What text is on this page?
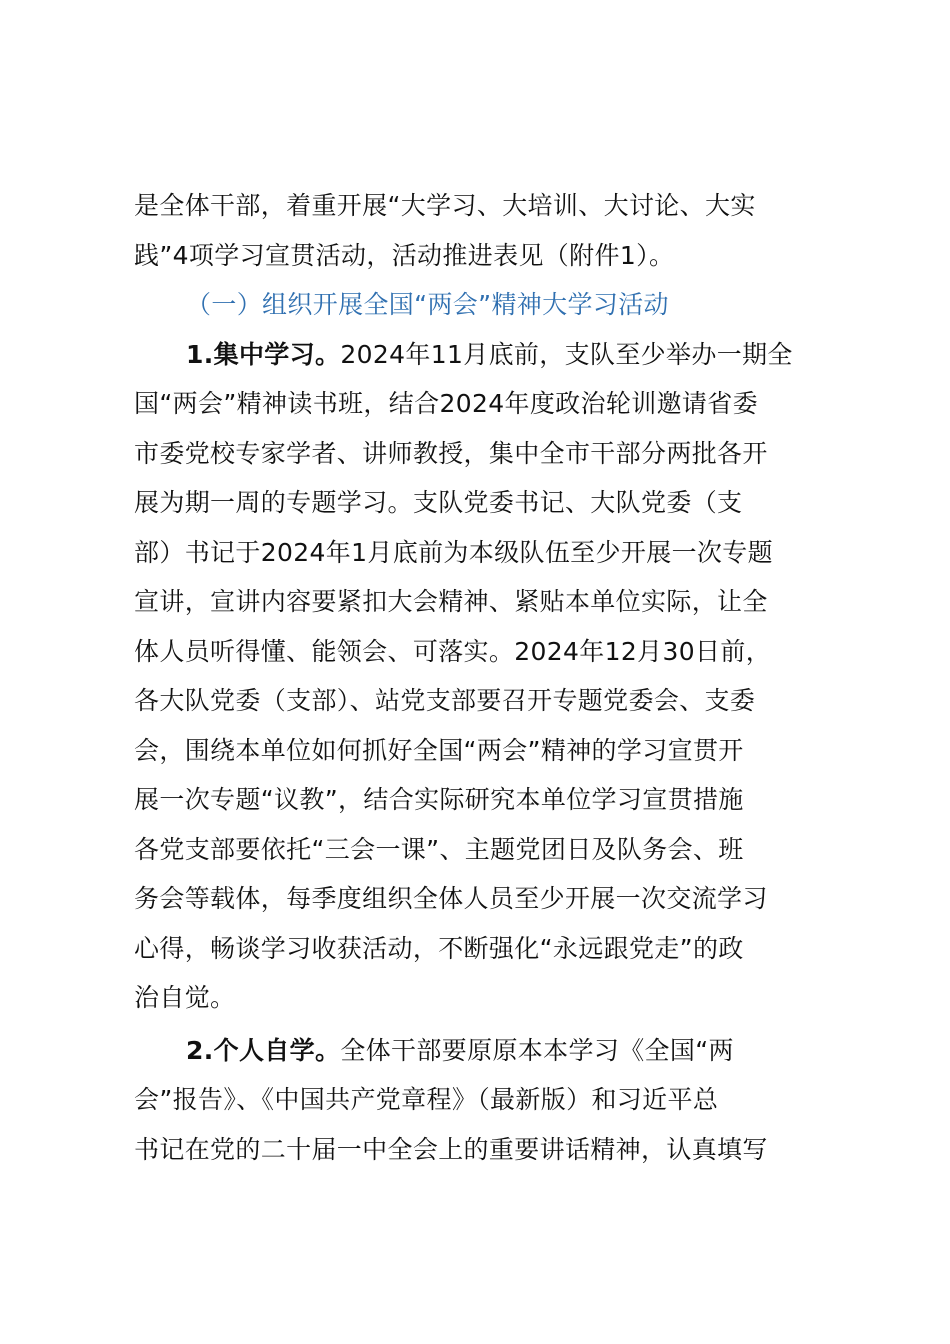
是全体干部，着重开展“大学习、大培训、大讨论、大实
践”4项学习宣贯活动，活动推进表见（附件1）。
（一）组织开展全国“两会”精神大学习活动
1.集中学习。2024年11月底前，支队至少举办一期全
国“两会”精神读书班，结合2024年度政治轮训邀请省委
市委党校专家学者、讲师教授，集中全市干部分两批各开
展为期一周的专题学习。支队党委书记、大队党委（支
部）书记于2024年1月底前为本级队伍至少开展一次专题
宣讲，宣讲内容要紧扣大会精神、紧贴本单位实际，让全
体人员听得懂、能领会、可落实。2024年12月30日前，
各大队党委（支部）、站党支部要召开专题党委会、支委
会，围绕本单位如何抓好全国“两会”精神的学习宣贯开
展一次专题“议教”，结合实际研究本单位学习宣贯措施
各党支部要依托“三会一课”、主题党团日及队务会、班
务会等载体，每季度组织全体人员至少开展一次交流学习
心得，畅谈学习收获活动，不断强化“永远跟党走”的政
治自觉。
2.个人自学。全体干部要原原本本学习《全国“两
会”报告》、《中国共产党章程》（最新版）和习近平总
书记在党的二十届一中全会上的重要讲话精神，认真填写
